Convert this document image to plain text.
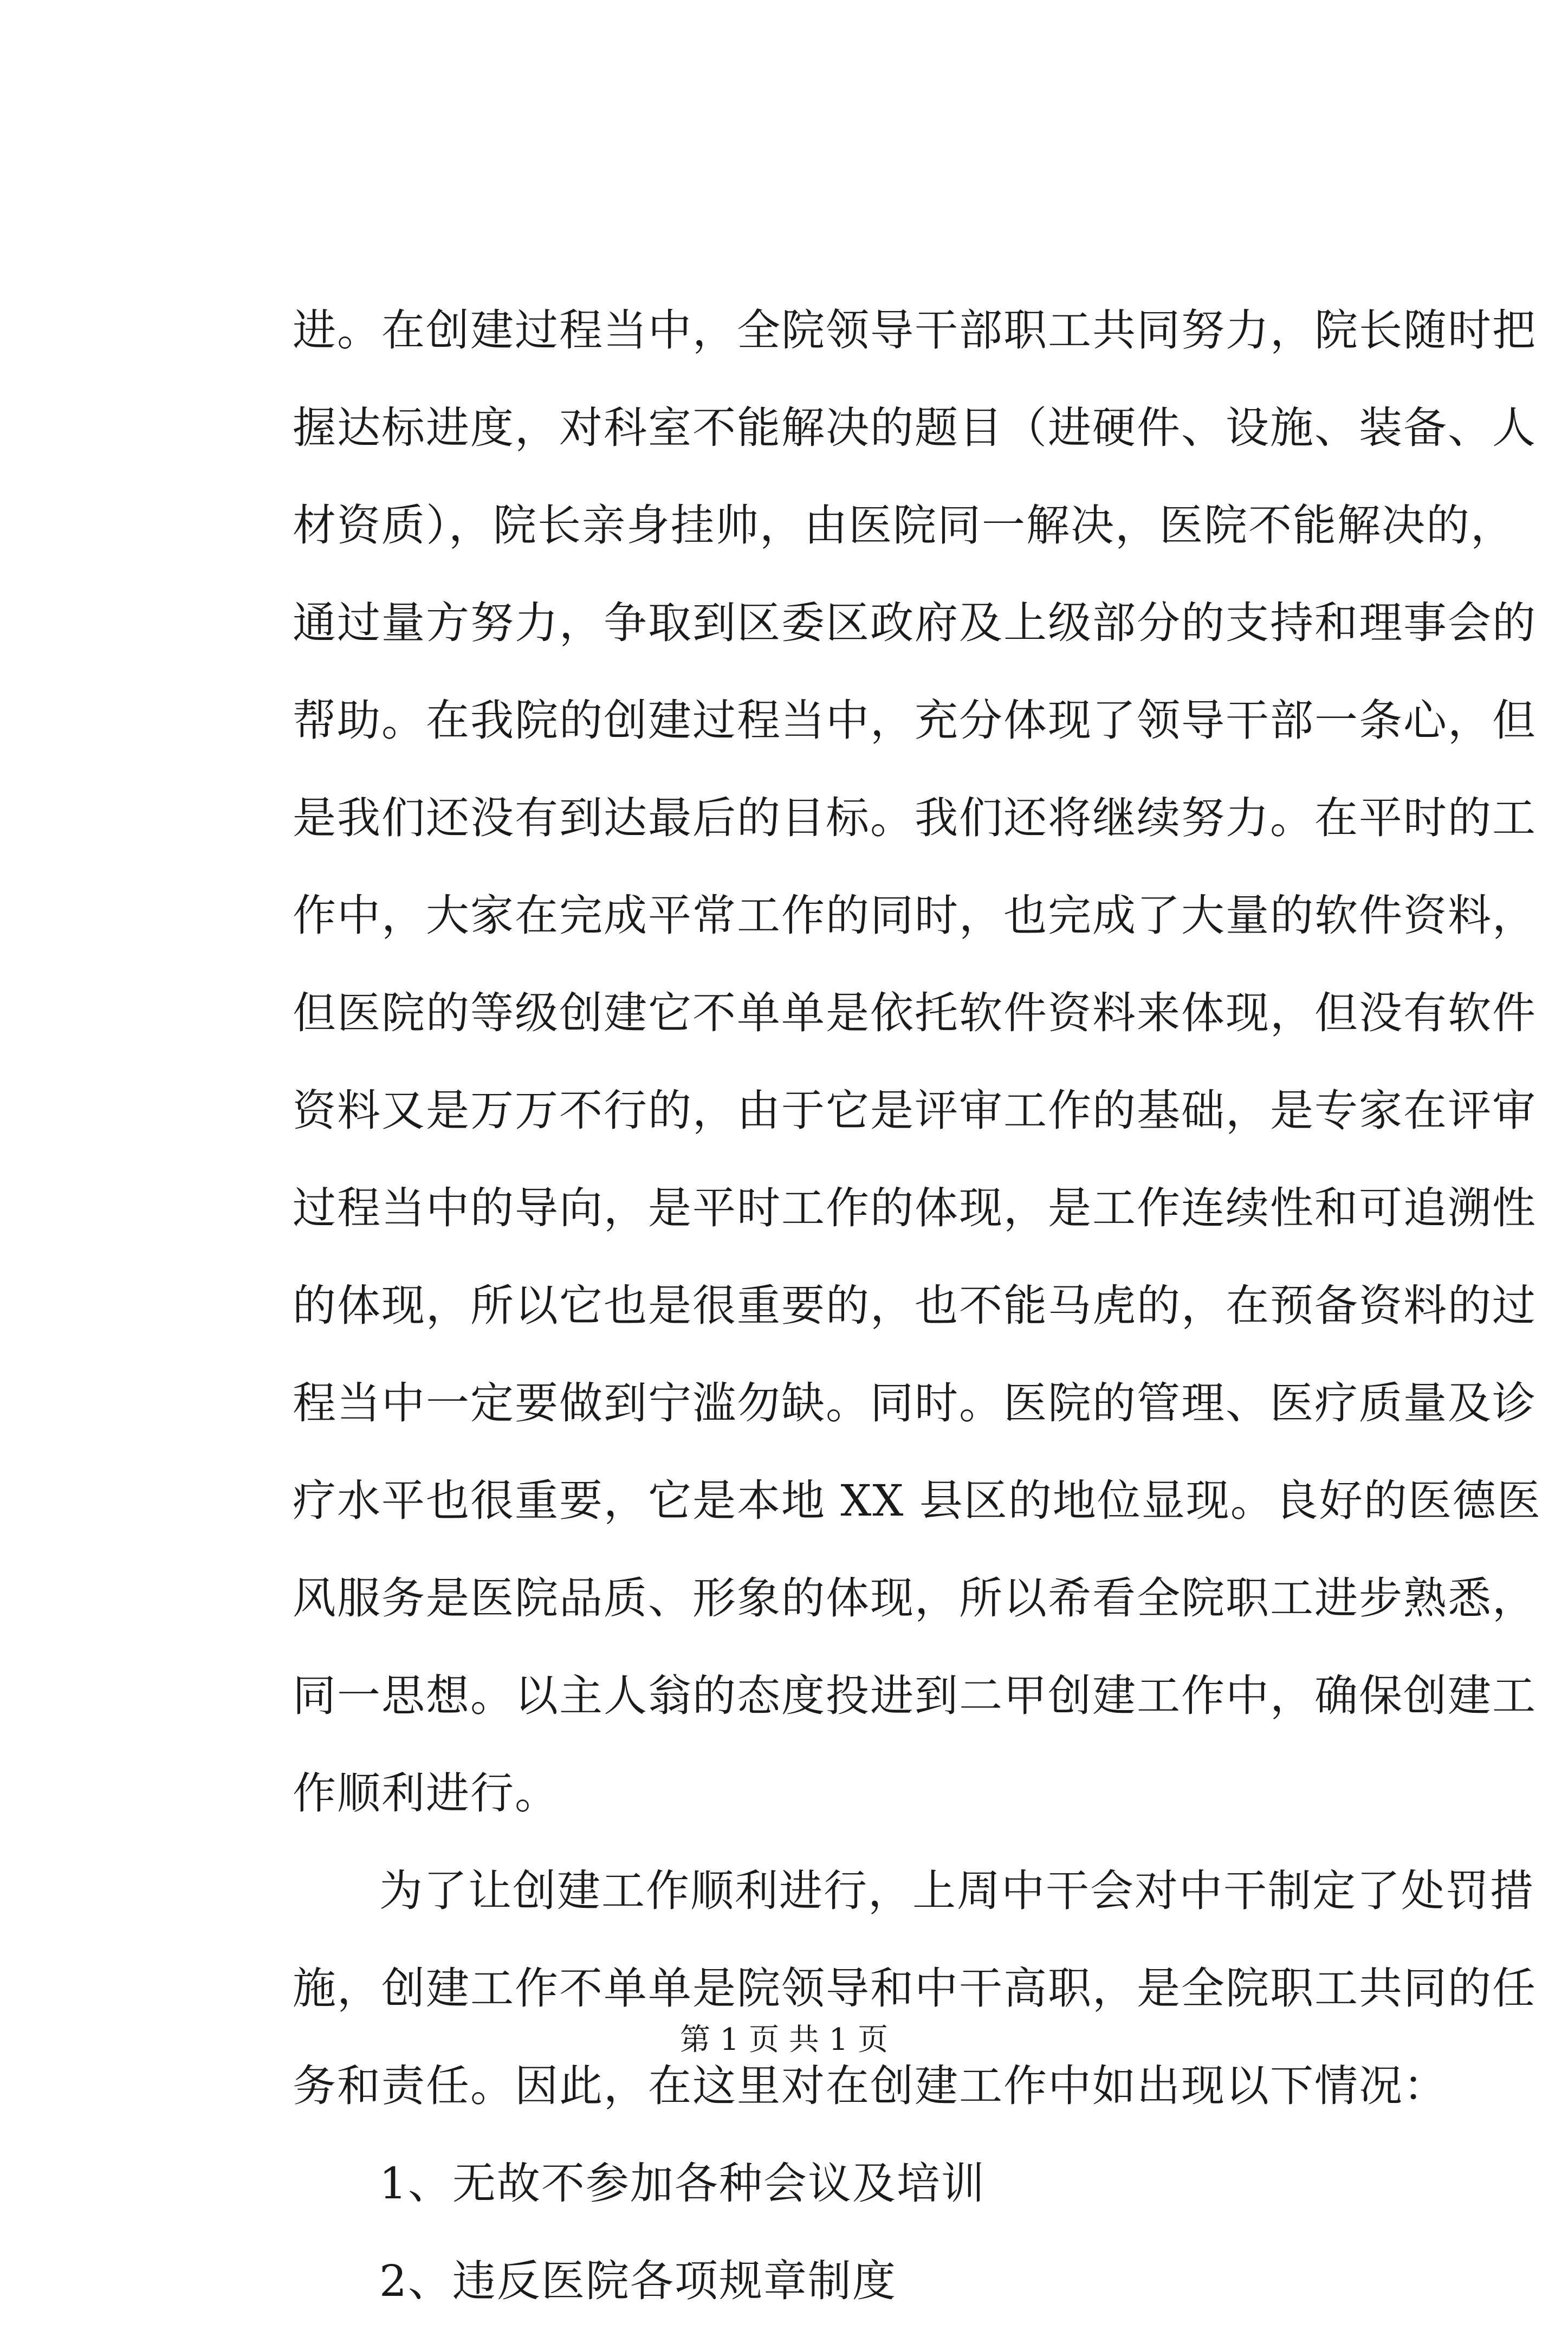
进。在创建过程当中，全院领导干部职工共同努力，院长随时把
握达标进度，对科室不能解决的题目（进硬件、设施、装备、人
材资质），院长亲身挂帅，由医院同一解决，医院不能解决的，
通过量方努力，争取到区委区政府及上级部分的支持和理事会的
帮助。在我院的创建过程当中，充分体现了领导干部一条心，但
是我们还没有到达最后的目标。我们还将继续努力。在平时的工
作中，大家在完成平常工作的同时，也完成了大量的软件资料，
但医院的等级创建它不单单是依托软件资料来体现，但没有软件
资料又是万万不行的，由于它是评审工作的基础，是专家在评审
过程当中的导向，是平时工作的体现，是工作连续性和可追溯性
的体现，所以它也是很重要的，也不能马虎的，在预备资料的过
程当中一定要做到宁滥勿缺。同时。医院的管理、医疗质量及诊
疗水平也很重要，它是本地 XX 县区的地位显现。良好的医德医
风服务是医院品质、形象的体现，所以希看全院职工进步熟悉，
同一思想。以主人翁的态度投进到二甲创建工作中，确保创建工
作顺利进行。
为了让创建工作顺利进行，上周中干会对中干制定了处罚措
施，创建工作不单单是院领导和中干高职，是全院职工共同的任
务和责任。因此，在这里对在创建工作中如出现以下情况：
1、无故不参加各种会议及培训
2、违反医院各项规章制度
第 1 页 共 1 页
